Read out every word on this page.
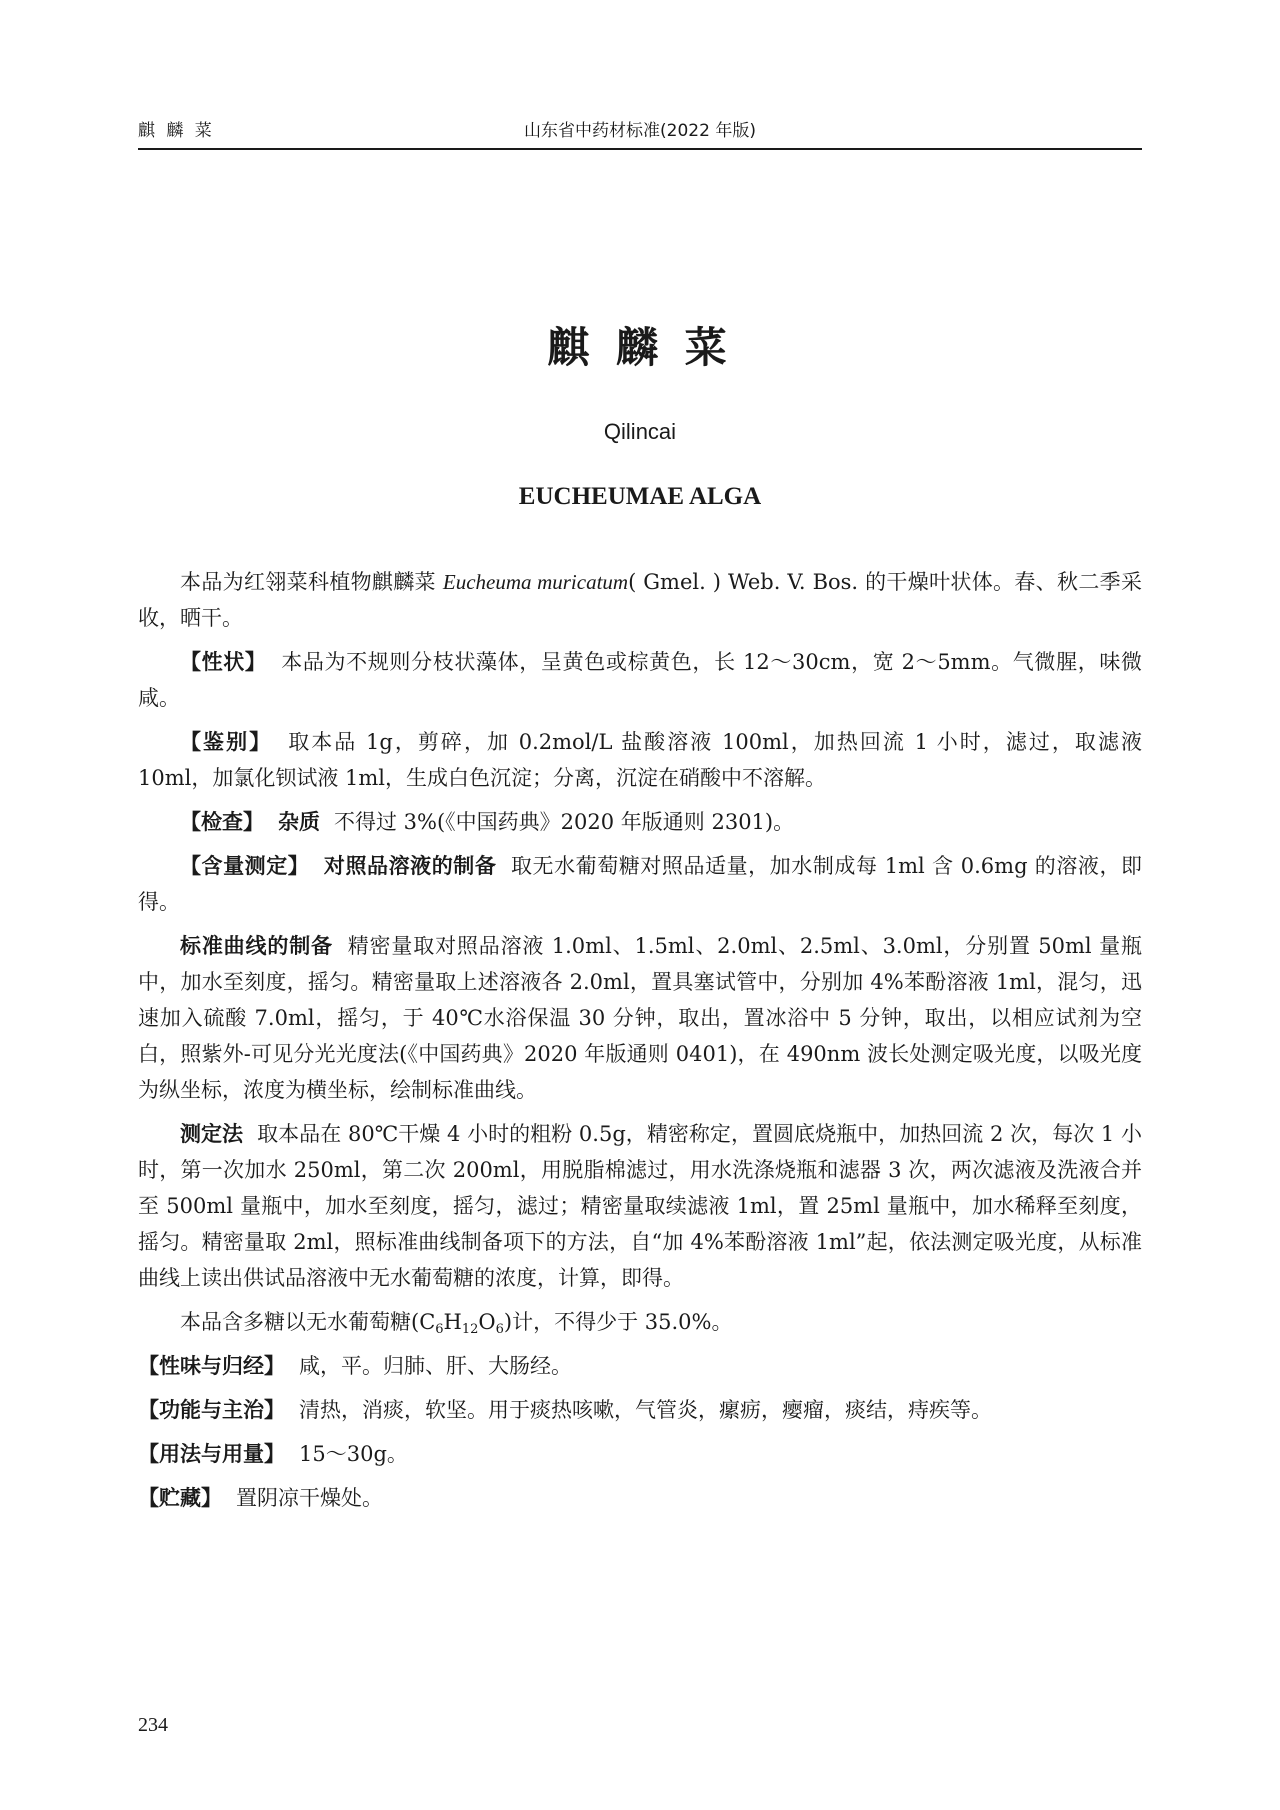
麒 麟 菜	山东省中药材标准(2022 年版)
麒 麟 菜
Qilincai
EUCHEUMAE ALGA

本品为红翎菜科植物麒麟菜 Eucheuma muricatum( Gmel. ) Web. V. Bos. 的干燥叶状体。春、秋二季采收，晒干。

【性状】 本品为不规则分枝状藻体，呈黄色或棕黄色，长 12～30cm，宽 2～5mm。气微腥，味微咸。

【鉴别】 取本品 1g，剪碎，加 0.2mol/L 盐酸溶液 100ml，加热回流 1 小时，滤过，取滤液 10ml，加氯化钡试液 1ml，生成白色沉淀；分离，沉淀在硝酸中不溶解。

【检查】 杂质 不得过 3%(《中国药典》2020 年版通则 2301)。

【含量测定】 对照品溶液的制备 取无水葡萄糖对照品适量，加水制成每 1ml 含 0.6mg 的溶液，即得。

标准曲线的制备 精密量取对照品溶液 1.0ml、1.5ml、2.0ml、2.5ml、3.0ml，分别置 50ml 量瓶中，加水至刻度，摇匀。精密量取上述溶液各 2.0ml，置具塞试管中，分别加 4%苯酚溶液 1ml，混匀，迅速加入硫酸 7.0ml，摇匀，于 40℃水浴保温 30 分钟，取出，置冰浴中 5 分钟，取出，以相应试剂为空白，照紫外-可见分光光度法(《中国药典》2020 年版通则 0401)，在 490nm 波长处测定吸光度，以吸光度为纵坐标，浓度为横坐标，绘制标准曲线。

测定法 取本品在 80℃干燥 4 小时的粗粉 0.5g，精密称定，置圆底烧瓶中，加热回流 2 次，每次 1 小时，第一次加水 250ml，第二次 200ml，用脱脂棉滤过，用水洗涤烧瓶和滤器 3 次，两次滤液及洗液合并至 500ml 量瓶中，加水至刻度，摇匀，滤过；精密量取续滤液 1ml，置 25ml 量瓶中，加水稀释至刻度，摇匀。精密量取 2ml，照标准曲线制备项下的方法，自“加 4%苯酚溶液 1ml”起，依法测定吸光度，从标准曲线上读出供试品溶液中无水葡萄糖的浓度，计算，即得。

本品含多糖以无水葡萄糖$(C_6H_{12}O_6)$计，不得少于 35.0%。

【性味与归经】 咸，平。归肺、肝、大肠经。

【功能与主治】 清热，消痰，软坚。用于痰热咳嗽，气管炎，瘰疬，瘿瘤，痰结，痔疾等。

【用法与用量】 15～30g。

【贮藏】 置阴凉干燥处。

234
